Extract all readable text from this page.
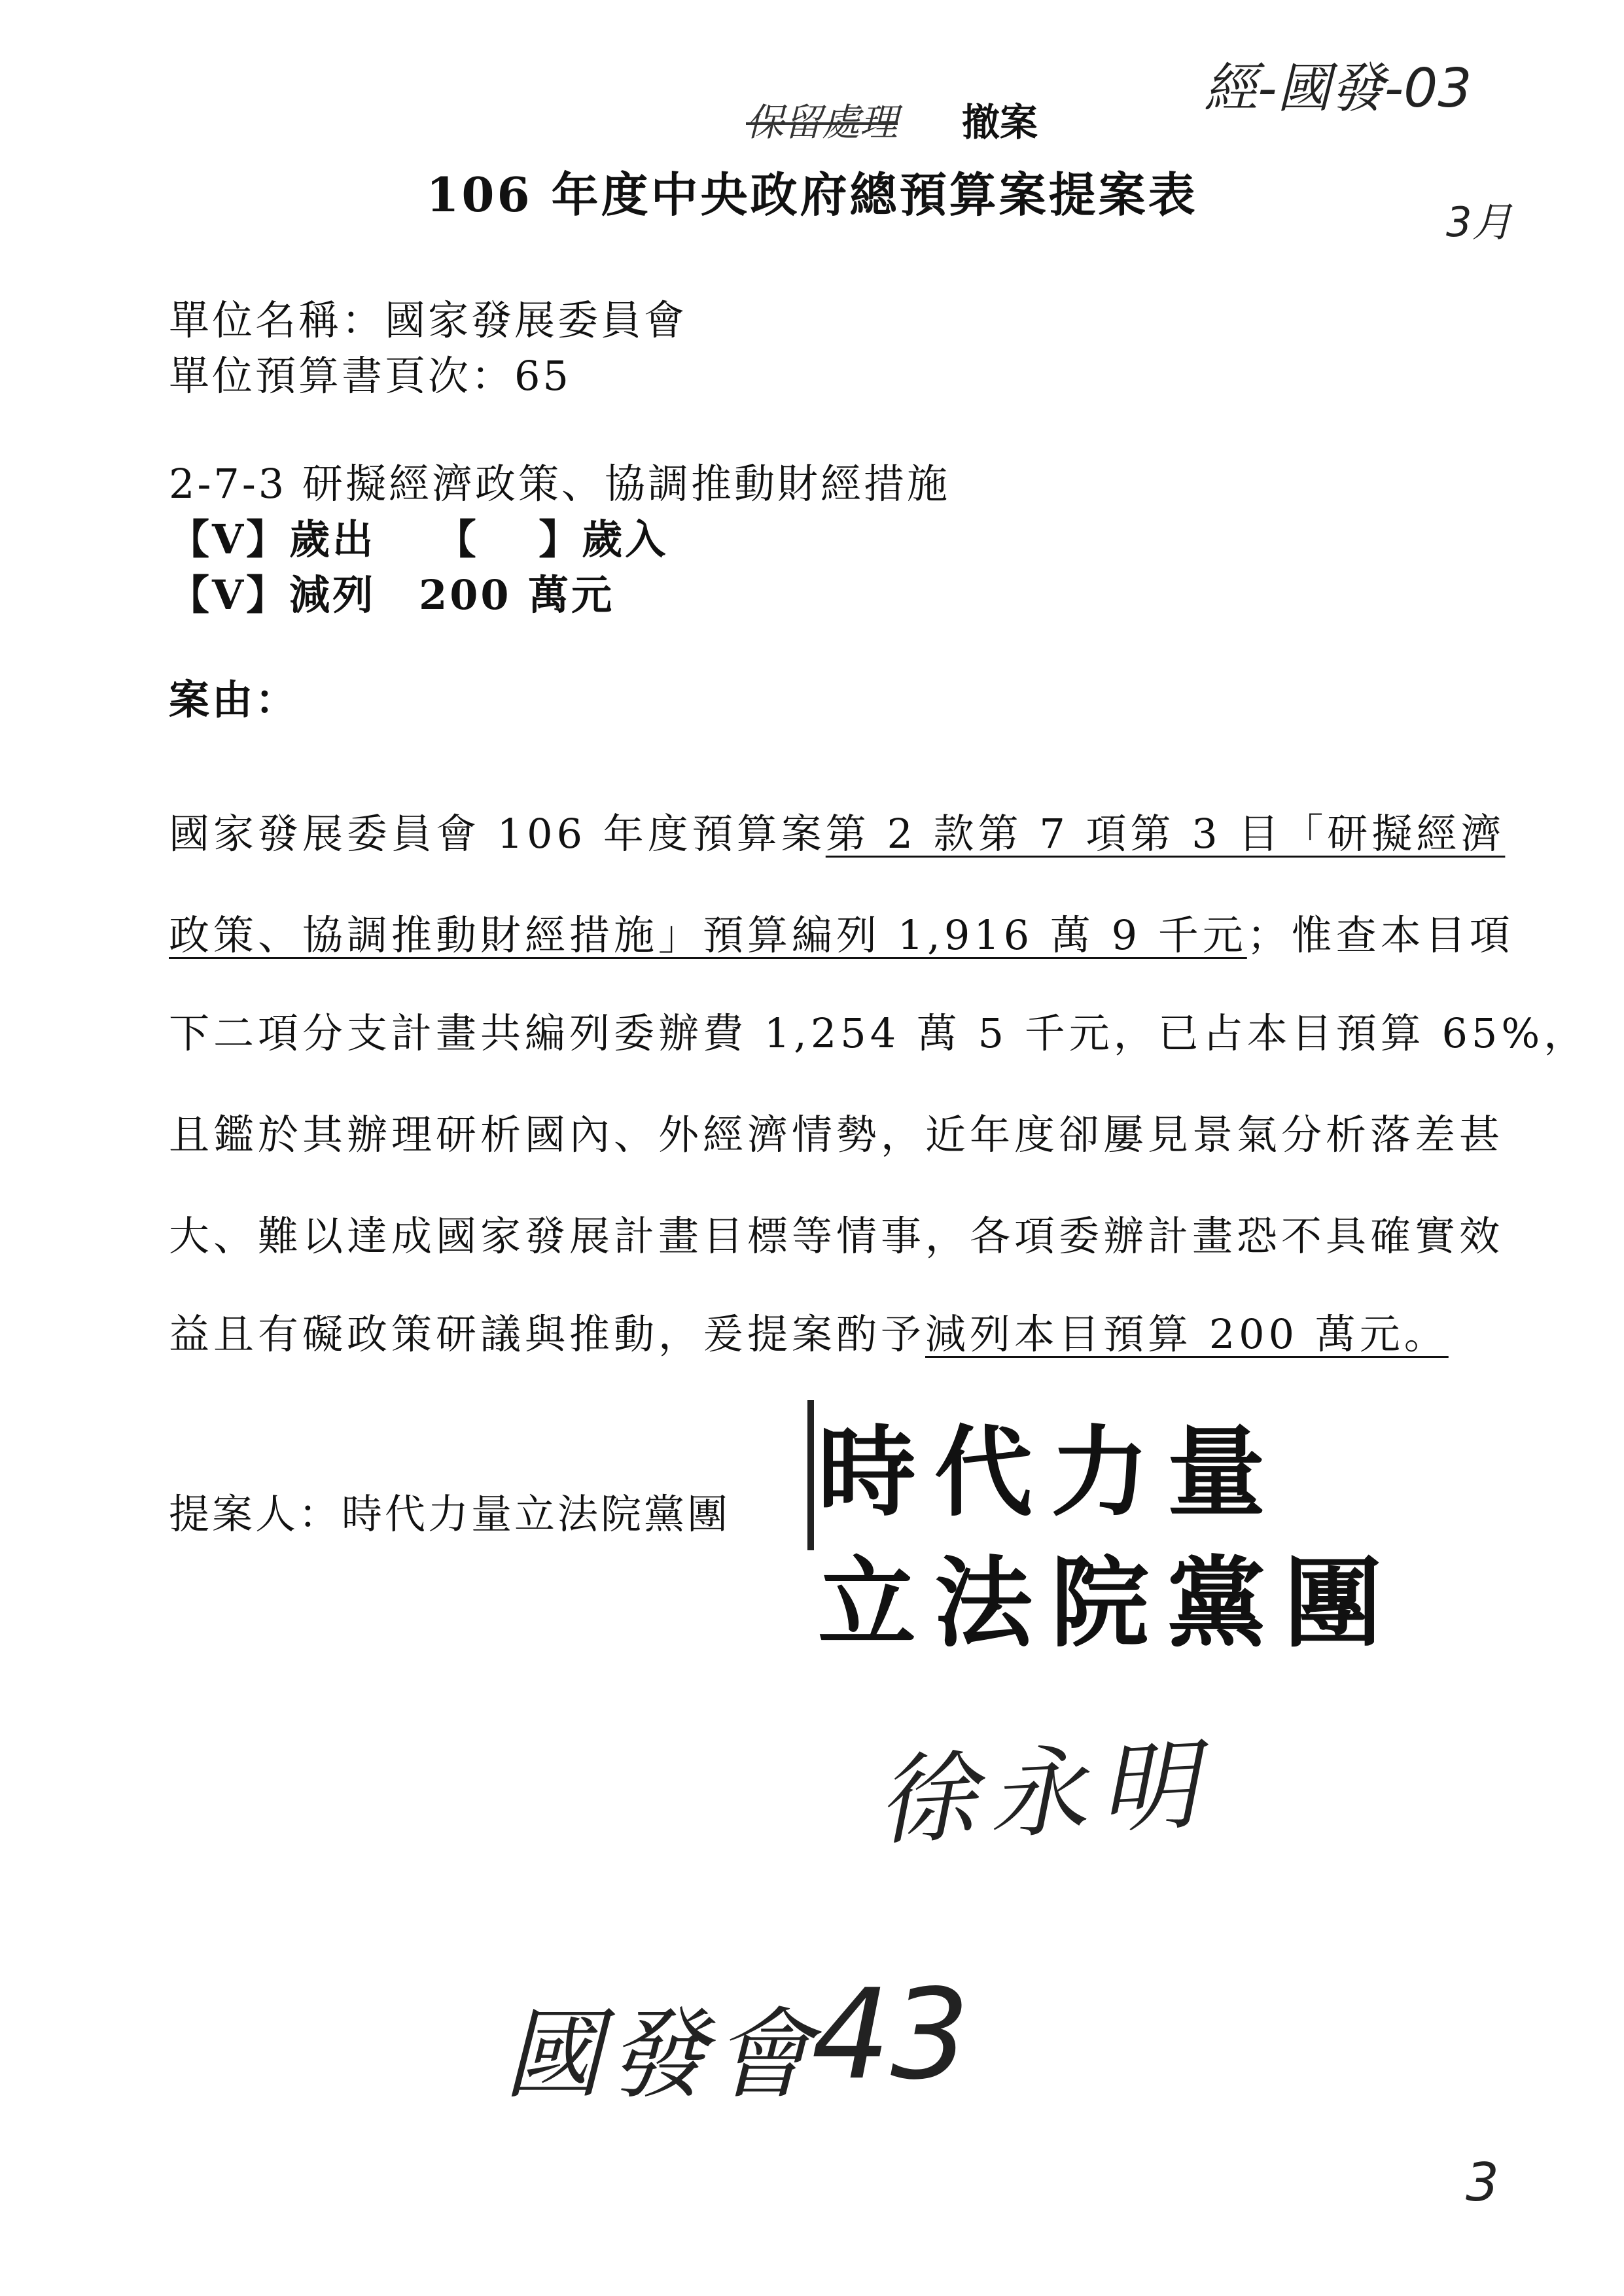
保留處理 撤案
經-國發-03
3月
106 年度中央政府總預算案提案表
單位名稱：國家發展委員會
單位預算書頁次：65
2-7-3 研擬經濟政策、協調推動財經措施
【V】歲出　 【　 】歲入
【V】減列　200 萬元
案由：
國家發展委員會 106 年度預算案第 2 款第 7 項第 3 目「研擬經濟
政策、協調推動財經措施」預算編列 1,916 萬 9 千元；惟查本目項
下二項分支計畫共編列委辦費 1,254 萬 5 千元，已占本目預算 65%，
且鑑於其辦理研析國內、外經濟情勢，近年度卻屢見景氣分析落差甚
大、難以達成國家發展計畫目標等情事，各項委辦計畫恐不具確實效
益且有礙政策研議與推動，爰提案酌予減列本目預算 200 萬元。
提案人：時代力量立法院黨團 時代力量
立法院黨團
徐永明
國發會
43
3
